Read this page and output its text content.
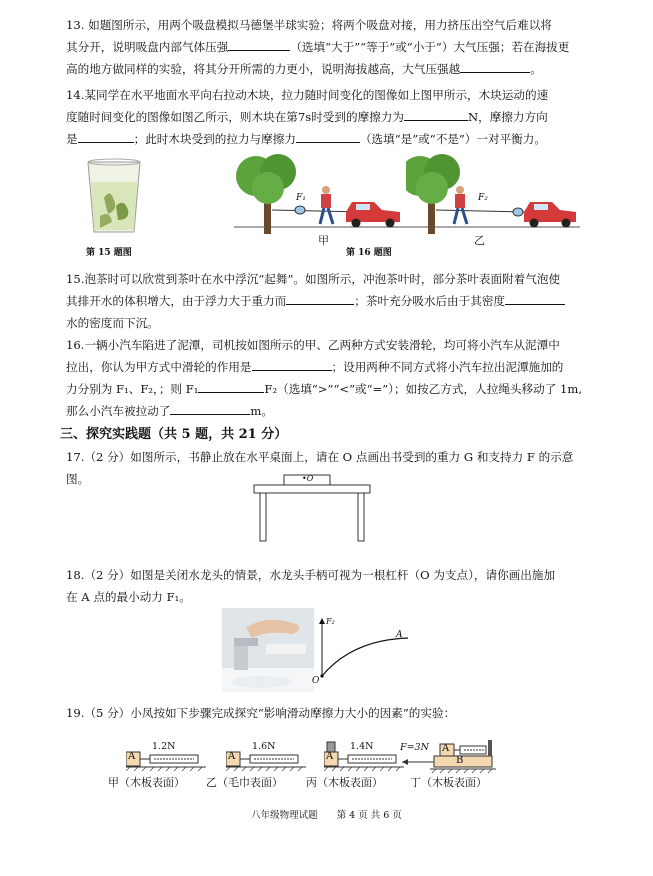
13. 如题图所示，用两个吸盘模拟马德堡半球实验；将两个吸盘对接，用力挤压出空气后难以将
其分开，说明吸盘内部气体压强	（选填“大于”“等于”或“小于”）大气压强；若在海拔更
高的地方做同样的实验，将其分开所需的力更小，说明海拔越高，大气压强越	。
14.某同学在水平地面水平向右拉动木块，拉力随时间变化的图像如上图甲所示，木块运动的速
度随时间变化的图像如图乙所示，则木块在第7s时受到的摩擦力为	N，摩擦力方向
是	；此时木块受到的拉力与摩擦力	（选填“是”或“不是”）一对平衡力。
第 15 题图
F₁
甲
第 16 题图
F₂
乙
15.泡茶时可以欣赏到茶叶在水中浮沉“起舞”。如图所示，冲泡茶叶时，部分茶叶表面附着气泡使
其排开水的体积增大，由于浮力大于重力而	；茶叶充分吸水后由于其密度
水的密度而下沉。
16.一辆小汽车陷进了泥潭，司机按如图所示的甲、乙两种方式安装滑轮，均可将小汽车从泥潭中
拉出，你认为甲方式中滑轮的作用是	；设用两种不同方式将小汽车拉出泥潭施加的
力分别为 F₁、F₂，；则 F₁	F₂（选填“>”“<”或“=”）；如按乙方式，人拉绳头移动了 1m,
那么小汽车被拉动了	m。
三、探究实践题（共 5 题，共 21 分）
17.（2 分）如图所示，书静止放在水平桌面上，请在 O 点画出书受到的重力 G 和支持力 F 的示意图。	•O
18.（2 分）如图是关闭水龙头的情景，水龙头手柄可视为一根杠杆（O 为支点），请你画出施加
在 A 点的最小动力 F₁。
F₂
A
O
19.（5 分）小凤按如下步骤完成探究“影响滑动摩擦力大小的因素”的实验：
A
1.2N
甲（木板表面）
A
1.6N
乙（毛巾表面）
A
1.4N
丙（木板表面）
F=3N A
B
丁（木板表面）
八年级物理试题　　第 4 页 共 6 页
